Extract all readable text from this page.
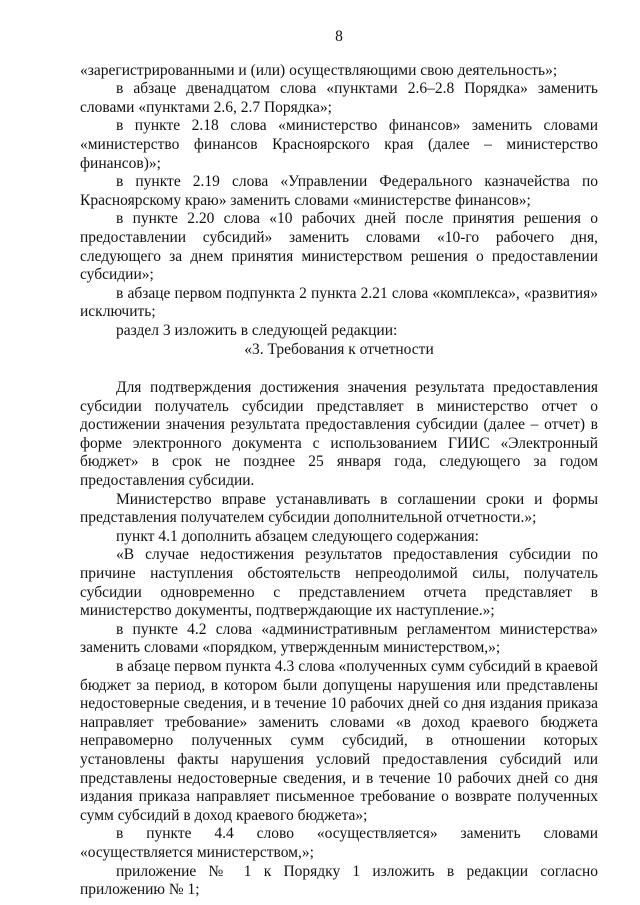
8

«зарегистрированными и (или) осуществляющими свою деятельность»;

в абзаце двенадцатом слова «пунктами 2.6–2.8 Порядка» заменить словами «пунктами 2.6, 2.7 Порядка»;

в пункте 2.18 слова «министерство финансов» заменить словами «министерство финансов Красноярского края (далее – министерство финансов)»;

в пункте 2.19 слова «Управлении Федерального казначейства по Красноярскому краю» заменить словами «министерстве финансов»;

в пункте 2.20 слова «10 рабочих дней после принятия решения о предоставлении субсидий» заменить словами «10-го рабочего дня, следующего за днем принятия министерством решения о предоставлении субсидии»;

в абзаце первом подпункта 2 пункта 2.21 слова «комплекса», «развития» исключить;

раздел 3 изложить в следующей редакции:

«3. Требования к отчетности

Для подтверждения достижения значения результата предоставления субсидии получатель субсидии представляет в министерство отчет о достижении значения результата предоставления субсидии (далее – отчет) в форме электронного документа с использованием ГИИС «Электронный бюджет» в срок не позднее 25 января года, следующего за годом предоставления субсидии.

Министерство вправе устанавливать в соглашении сроки и формы представления получателем субсидии дополнительной отчетности.»;

пункт 4.1 дополнить абзацем следующего содержания:

«В случае недостижения результатов предоставления субсидии по причине наступления обстоятельств непреодолимой силы, получатель субсидии одновременно с представлением отчета представляет в министерство документы, подтверждающие их наступление.»;

в пункте 4.2 слова «административным регламентом министерства» заменить словами «порядком, утвержденным министерством,»;

в абзаце первом пункта 4.3 слова «полученных сумм субсидий в краевой бюджет за период, в котором были допущены нарушения или представлены недостоверные сведения, и в течение 10 рабочих дней со дня издания приказа направляет требование» заменить словами «в доход краевого бюджета неправомерно полученных сумм субсидий, в отношении которых установлены факты нарушения условий предоставления субсидий или представлены недостоверные сведения, и в течение 10 рабочих дней со дня издания приказа направляет письменное требование о возврате полученных сумм субсидий в доход краевого бюджета»;

в пункте 4.4 слово «осуществляется» заменить словами «осуществляется министерством,»;

приложение № 1 к Порядку 1 изложить в редакции согласно приложению № 1;
